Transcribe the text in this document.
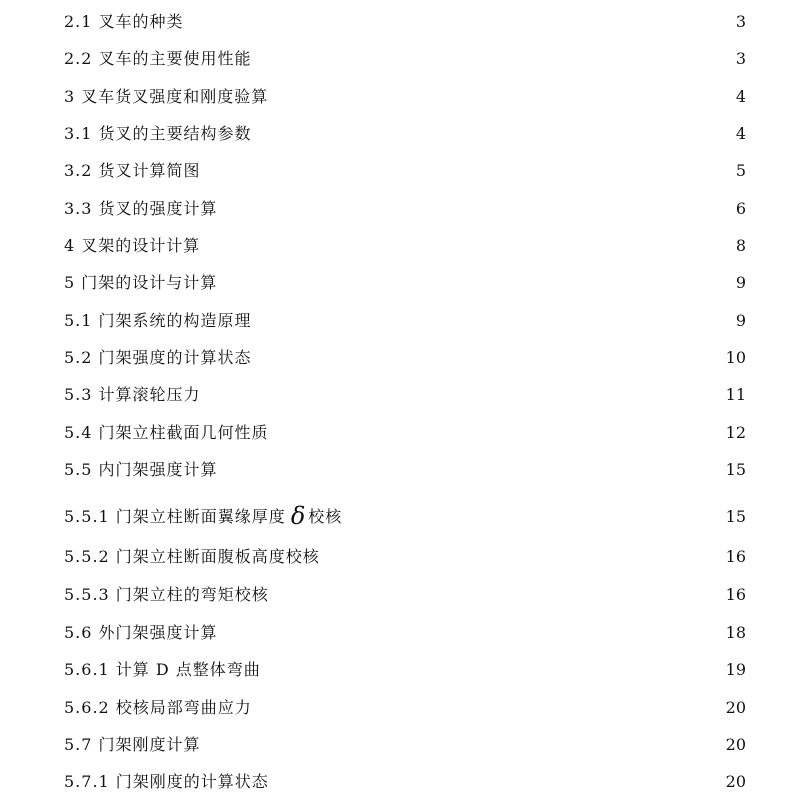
2.1 叉车的种类	3
2.2 叉车的主要使用性能	3
3 叉车货叉强度和刚度验算	4
3.1 货叉的主要结构参数	4
3.2 货叉计算简图	5
3.3 货叉的强度计算	6
4 叉架的设计计算	8
5 门架的设计与计算	9
5.1 门架系统的构造原理	9
5.2 门架强度的计算状态	10
5.3 计算滚轮压力	11
5.4 门架立柱截面几何性质	12
5.5 内门架强度计算	15
5.5.1 门架立柱断面翼缘厚度 δ 校核	15
5.5.2 门架立柱断面腹板高度校核	16
5.5.3 门架立柱的弯矩校核	16
5.6 外门架强度计算	18
5.6.1 计算 D 点整体弯曲	19
5.6.2 校核局部弯曲应力	20
5.7 门架刚度计算	20
5.7.1 门架刚度的计算状态	20
